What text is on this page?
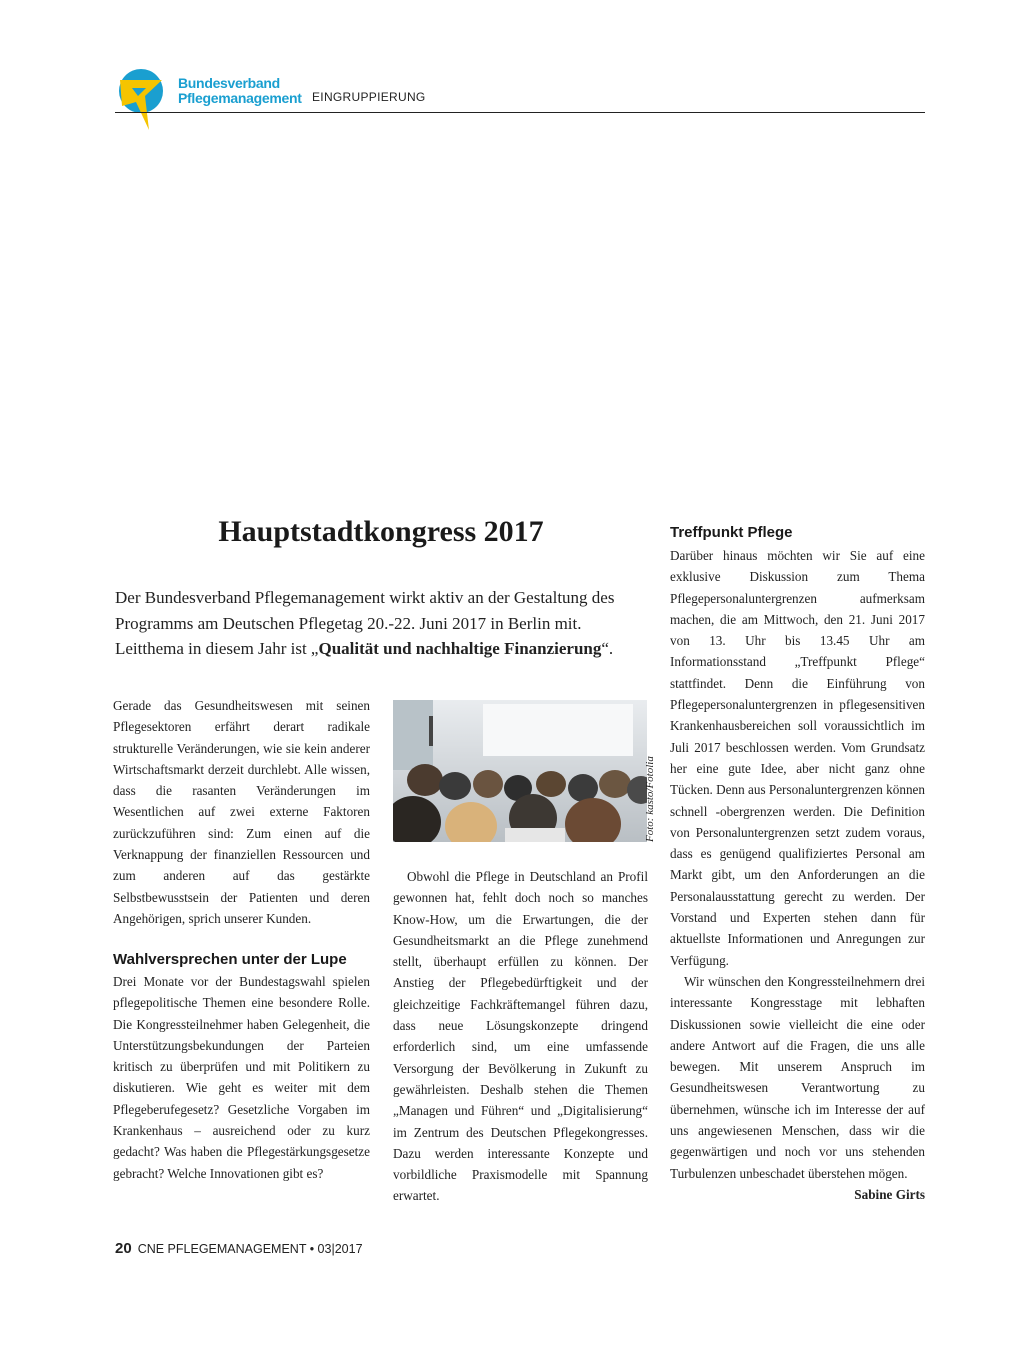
Bundesverband
Pflegemanagement EINGRUPPIERUNG
Hauptstadtkongress 2017
Der Bundesverband Pflegemanagement wirkt aktiv an der Gestaltung des Programms am Deutschen Pflegetag 20.-22. Juni 2017 in Berlin mit. Leitthema in diesem Jahr ist „Qualität und nachhaltige Finanzierung“.

Gerade das Gesundheitswesen mit seinen Pflegesektoren erfährt derart radikale strukturelle Veränderungen, wie sie kein anderer Wirtschaftsmarkt derzeit durchlebt. Alle wissen, dass die rasanten Veränderungen im Wesentlichen auf zwei externe Faktoren zurückzuführen sind: Zum einen auf die Verknappung der finanziellen Ressourcen und zum anderen auf das gestärkte Selbstbewusstsein der Patienten und deren Angehörigen, sprich unserer Kunden.

Wahlversprechen unter der Lupe

Drei Monate vor der Bundestagswahl spielen pflegepolitische Themen eine besondere Rolle. Die Kongressteilnehmer haben Gelegenheit, die Unterstützungsbekundungen der Parteien kritisch zu überprüfen und mit Politikern zu diskutieren. Wie geht es weiter mit dem Pflegeberufegesetz? Gesetzliche Vorgaben im Krankenhaus – ausreichend oder zu kurz gedacht? Was haben die Pflegestärkungsgesetze gebracht? Welche Innovationen gibt es?

Foto: kasto/Fotolia

Obwohl die Pflege in Deutschland an Profil gewonnen hat, fehlt doch noch so manches Know-How, um die Erwartungen, die der Gesundheitsmarkt an die Pflege zunehmend stellt, überhaupt erfüllen zu können. Der Anstieg der Pflegebedürftigkeit und der gleichzeitige Fachkräftemangel führen dazu, dass neue Lösungskonzepte dringend erforderlich sind, um eine umfassende Versorgung der Bevölkerung in Zukunft zu gewährleisten. Deshalb stehen die Themen „Managen und Führen“ und „Digitalisierung“ im Zentrum des Deutschen Pflegekongresses. Dazu werden interessante Konzepte und vorbildliche Praxismodelle mit Spannung erwartet.

Treffpunkt Pflege

Darüber hinaus möchten wir Sie auf eine exklusive Diskussion zum Thema Pflegepersonaluntergrenzen aufmerksam machen, die am Mittwoch, den 21. Juni 2017 von 13. Uhr bis 13.45 Uhr am Informationsstand „Treffpunkt Pflege“ stattfindet. Denn die Einführung von Pflegepersonaluntergrenzen in pflegesensitiven Krankenhausbereichen soll voraussichtlich im Juli 2017 beschlossen werden. Vom Grundsatz her eine gute Idee, aber nicht ganz ohne Tücken. Denn aus Personaluntergrenzen können schnell -obergrenzen werden. Die Definition von Personaluntergrenzen setzt zudem voraus, dass es genügend qualifiziertes Personal am Markt gibt, um den Anforderungen an die Personalausstattung gerecht zu werden. Der Vorstand und Experten stehen dann für aktuellste Informationen und Anregungen zur Verfügung.

Wir wünschen den Kongressteilnehmern drei interessante Kongresstage mit lebhaften Diskussionen sowie vielleicht die eine oder andere Antwort auf die Fragen, die uns alle bewegen. Mit unserem Anspruch im Gesundheitswesen Verantwortung zu übernehmen, wünsche ich im Interesse der auf uns angewiesenen Menschen, dass wir die gegenwärtigen und noch vor uns stehenden Turbulenzen unbeschadet überstehen mögen.
Sabine Girts

20 CNE PFLEGEMANAGEMENT • 03|2017
